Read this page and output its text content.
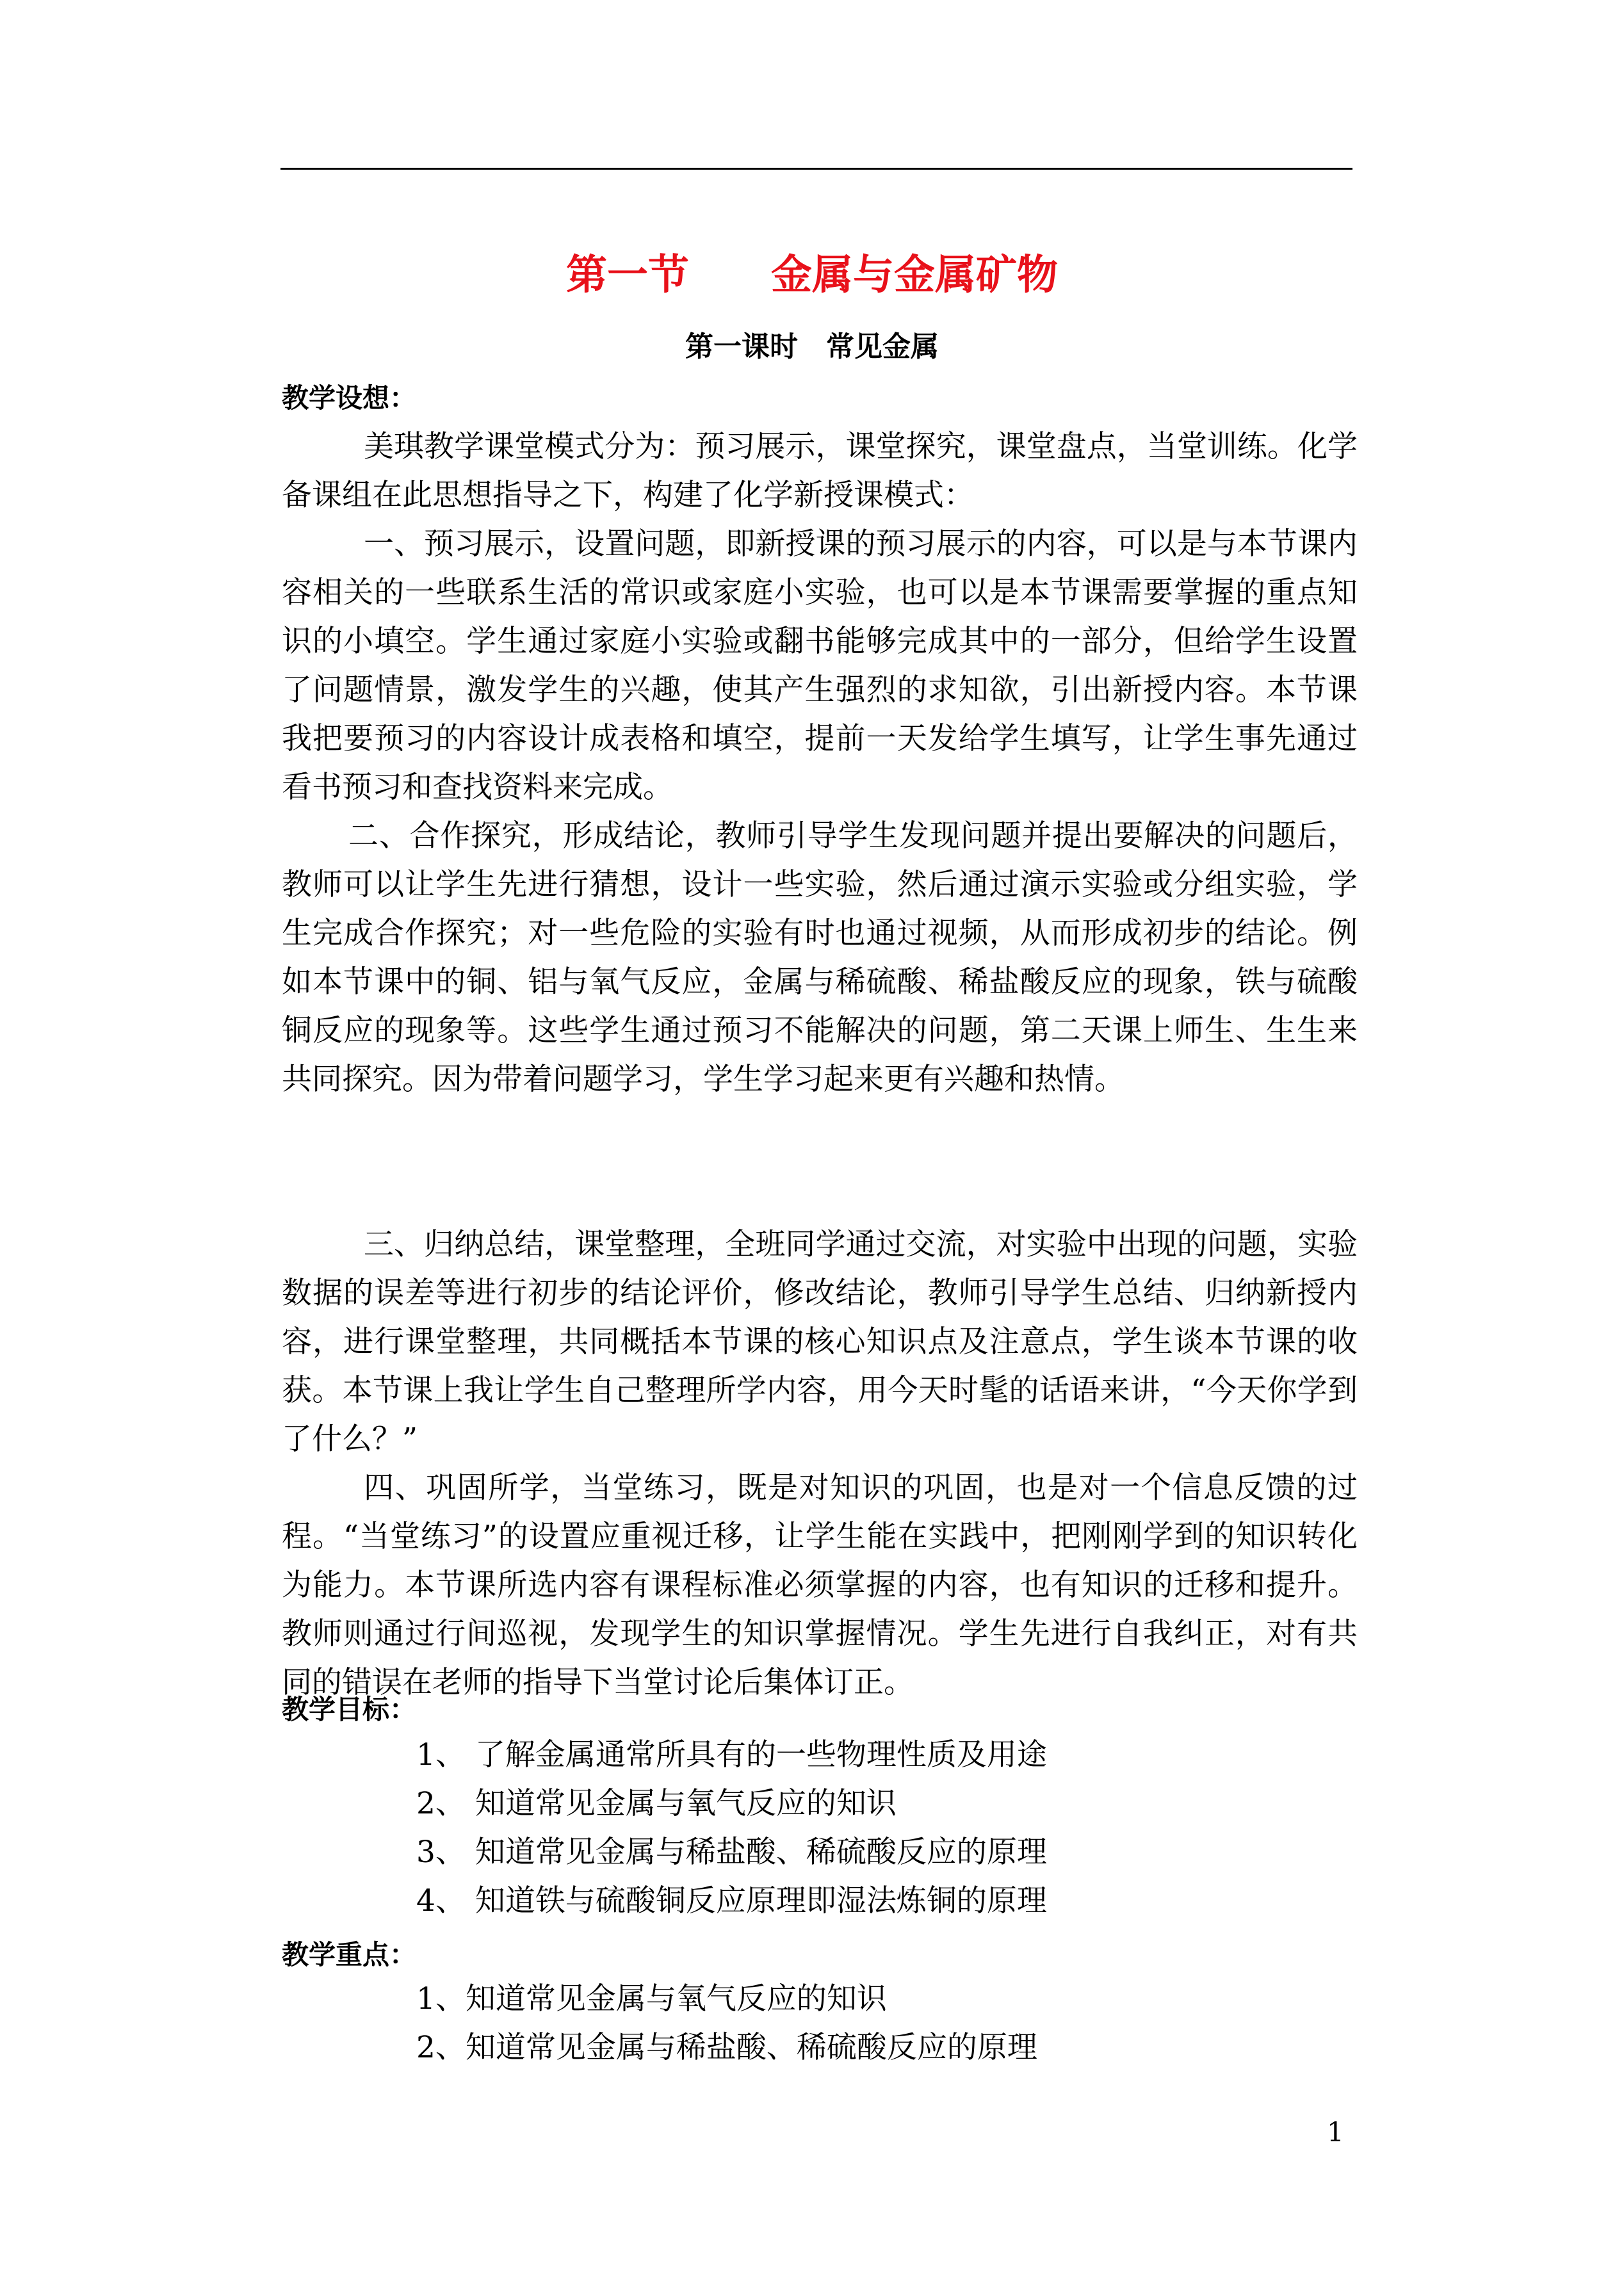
第一节　　金属与金属矿物
第一课时　常见金属
教学设想：

美琪教学课堂模式分为：预习展示，课堂探究，课堂盘点，当堂训练。化学备课组在此思想指导之下，构建了化学新授课模式：

一、预习展示，设置问题，即新授课的预习展示的内容，可以是与本节课内容相关的一些联系生活的常识或家庭小实验，也可以是本节课需要掌握的重点知识的小填空。学生通过家庭小实验或翻书能够完成其中的一部分，但给学生设置了问题情景，激发学生的兴趣，使其产生强烈的求知欲，引出新授内容。本节课我把要预习的内容设计成表格和填空，提前一天发给学生填写，让学生事先通过看书预习和查找资料来完成。

二、合作探究，形成结论，教师引导学生发现问题并提出要解决的问题后，教师可以让学生先进行猜想，设计一些实验，然后通过演示实验或分组实验，学生完成合作探究；对一些危险的实验有时也通过视频，从而形成初步的结论。例如本节课中的铜、铝与氧气反应，金属与稀硫酸、稀盐酸反应的现象，铁与硫酸铜反应的现象等。这些学生通过预习不能解决的问题，第二天课上师生、生生来共同探究。因为带着问题学习，学生学习起来更有兴趣和热情。

三、归纳总结，课堂整理，全班同学通过交流，对实验中出现的问题，实验数据的误差等进行初步的结论评价，修改结论，教师引导学生总结、归纳新授内容，进行课堂整理，共同概括本节课的核心知识点及注意点，学生谈本节课的收获。本节课上我让学生自己整理所学内容，用今天时髦的话语来讲，“今天你学到了什么？”

四、巩固所学，当堂练习，既是对知识的巩固，也是对一个信息反馈的过程。“当堂练习”的设置应重视迁移，让学生能在实践中，把刚刚学到的知识转化为能力。本节课所选内容有课程标准必须掌握的内容，也有知识的迁移和提升。教师则通过行间巡视，发现学生的知识掌握情况。学生先进行自我纠正，对有共同的错误在老师的指导下当堂讨论后集体订正。

教学目标：

1、 了解金属通常所具有的一些物理性质及用途

2、 知道常见金属与氧气反应的知识

3、 知道常见金属与稀盐酸、稀硫酸反应的原理

4、 知道铁与硫酸铜反应原理即湿法炼铜的原理

教学重点：

1、知道常见金属与氧气反应的知识

2、知道常见金属与稀盐酸、稀硫酸反应的原理

1
